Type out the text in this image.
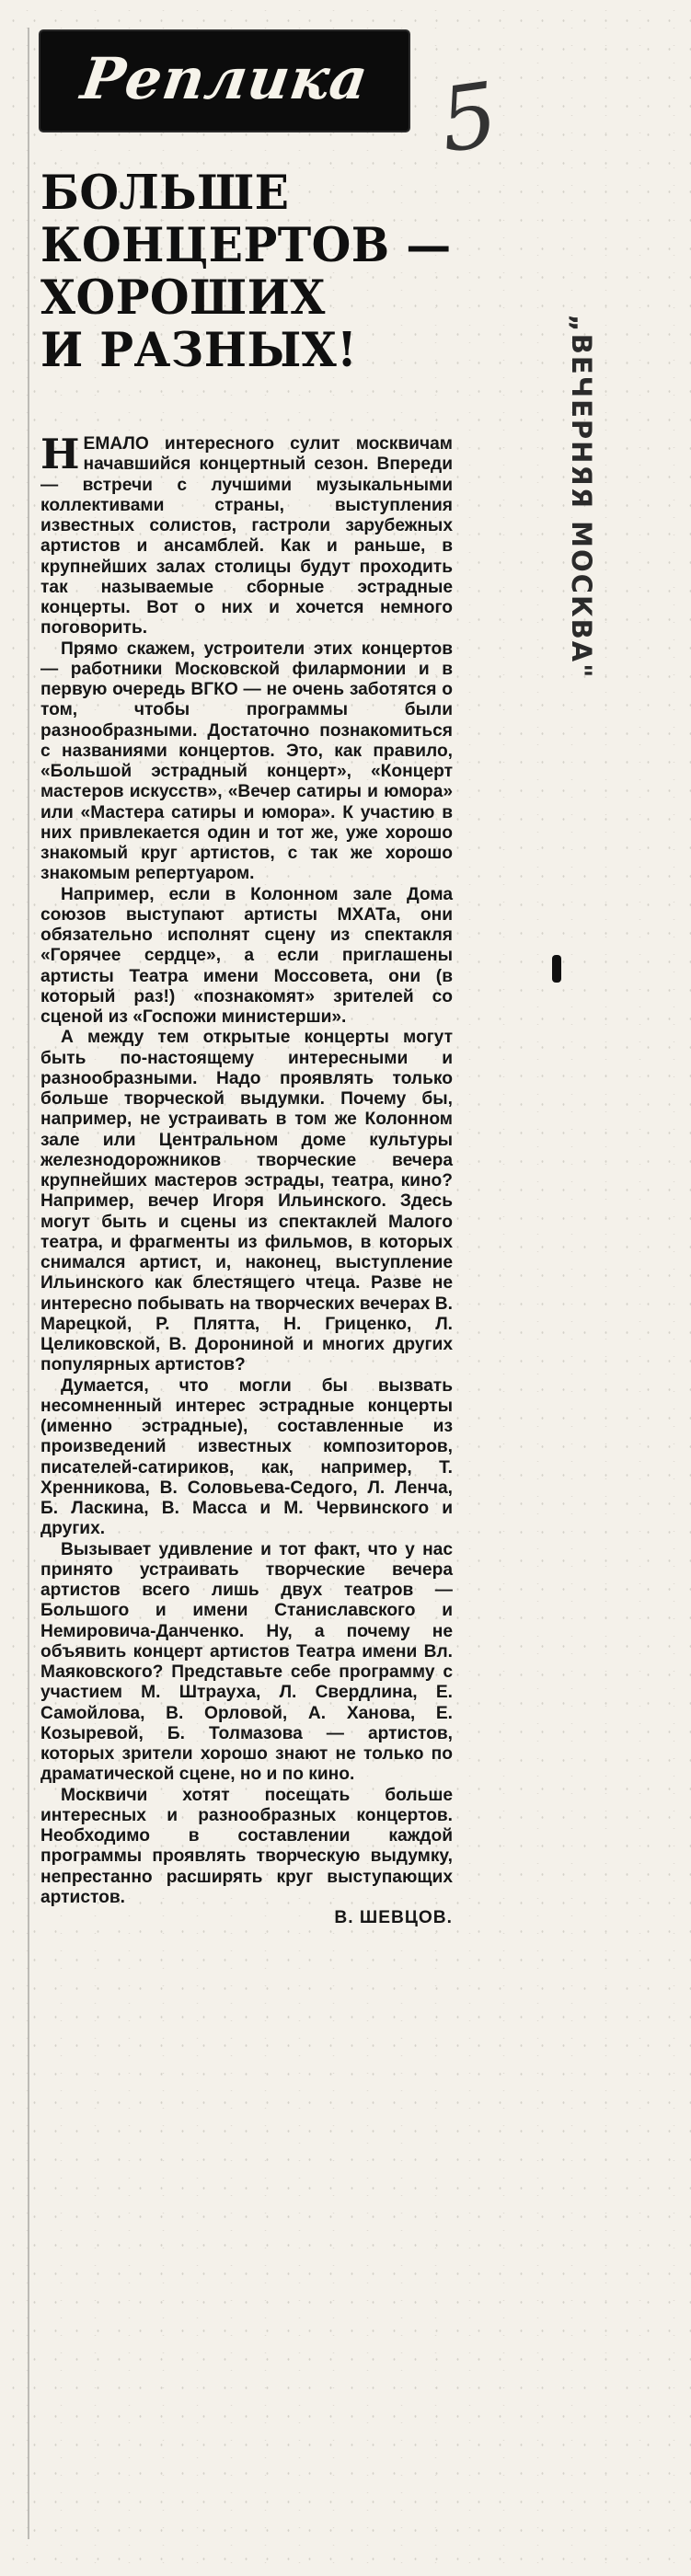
Реплика 5
БОЛЬШЕ
КОНЦЕРТОВ —
ХОРОШИХ
И РАЗНЫХ!	„ВЕЧЕРНЯЯ МОСКВА"

НЕМАЛО интересного сулит москвичам начавшийся концертный сезон. Впереди — встречи с лучшими музыкальными коллективами страны, выступления известных солистов, гастроли зарубежных артистов и ансамблей. Как и раньше, в крупнейших залах столицы будут проходить так называемые сборные эстрадные концерты. Вот о них и хочется немного поговорить.

Прямо скажем, устроители этих концертов — работники Московской филармонии и в первую очередь ВГКО — не очень заботятся о том, чтобы программы были разнообразными. Достаточно познакомиться с названиями концертов. Это, как правило, «Большой эстрадный концерт», «Концерт мастеров искусств», «Вечер сатиры и юмора» или «Мастера сатиры и юмора». К участию в них привлекается один и тот же, уже хорошо знакомый круг артистов, с так же хорошо знакомым репертуаром.

Например, если в Колонном зале Дома союзов выступают артисты МХАТа, они обязательно исполнят сцену из спектакля «Горячее сердце», а если приглашены артисты Театра имени Моссовета, они (в который раз!) «познакомят» зрителей со сценой из «Госпожи министерши».

А между тем открытые концерты могут быть по-настоящему интересными и разнообразными. Надо проявлять только больше творческой выдумки. Почему бы, например, не устраивать в том же Колонном зале или Центральном доме культуры железнодорожников творческие вечера крупнейших мастеров эстрады, театра, кино? Например, вечер Игоря Ильинского. Здесь могут быть и сцены из спектаклей Малого театра, и фрагменты из фильмов, в которых снимался артист, и, наконец, выступление Ильинского как блестящего чтеца. Разве не интересно побывать на творческих вечерах В. Марецкой, Р. Плятта, Н. Гриценко, Л. Целиковской, В. Дорониной и многих других популярных артистов?

Думается, что могли бы вызвать несомненный интерес эстрадные концерты (именно эстрадные), составленные из произведений известных композиторов, писателей-сатириков, как, например, Т. Хренникова, В. Соловьева-Седого, Л. Ленча, Б. Ласкина, В. Масса и М. Червинского и других.

Вызывает удивление и тот факт, что у нас принято устраивать творческие вечера артистов всего лишь двух театров — Большого и имени Станиславского и Немировича-Данченко. Ну, а почему не объявить концерт артистов Театра имени Вл. Маяковского? Представьте себе программу с участием М. Штрауха, Л. Свердлина, Е. Самойлова, В. Орловой, А. Ханова, Е. Козыревой, Б. Толмазова — артистов, которых зрители хорошо знают не только по драматической сцене, но и по кино.

Москвичи хотят посещать больше интересных и разнообразных концертов. Необходимо в составлении каждой программы проявлять творческую выдумку, непрестанно расширять круг выступающих артистов.

В. ШЕВЦОВ.
